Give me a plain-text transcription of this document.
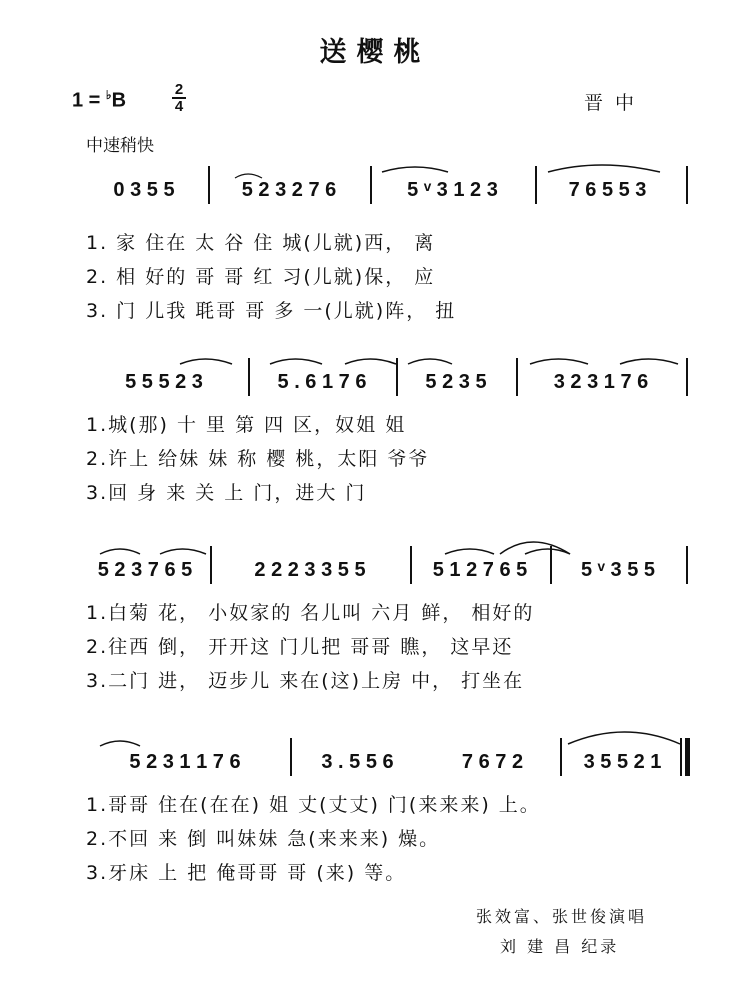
送樱桃
1 = ♭B
2
4	晋中
中速稍快
0 3 5 5	5 2 3 2 7 6	5 ᵛ 3 1 2 3	7 6 5 5 3
1. 家 住在 太 谷 住 城(儿就)西， 离
2. 相 好的 哥 哥 红 习(儿就)保， 应
3. 门 儿我 毦哥 哥 多 一(儿就)阵， 扭
5 5 5 2 3	5 . 6 1 7 6	5 2 3 5	3 2 3 1 7 6
1.城(那) 十 里 第 四 区，奴姐 姐
2.许上 给妹 妹 称 樱 桃，太阳 爷爷
3.回 身 来 关 上 门，进大 门
5 2 3 7 6 5	2 2 2 3 3 5 5	5 1 2 7 6 5	5 ᵛ 3 5 5
1.白菊 花， 小奴家的 名儿叫 六月 鲜， 相好的
2.往西 倒， 开开这 门儿把 哥哥 瞧， 这早还
3.二门 进， 迈步儿 来在(这)上房 中， 打坐在
5 2 3 1 1 7 6	3 . 5 5 6	7 6 7 2	3 5 5 2 1
1.哥哥 住在(在在) 姐 丈(丈丈) 门(来来来) 上。
2.不回 来 倒 叫妹妹 急(来来来) 燥。
3.牙床 上 把 俺哥哥 哥 (来) 等。
张效富、张世俊演唱
刘 建 昌 纪录
